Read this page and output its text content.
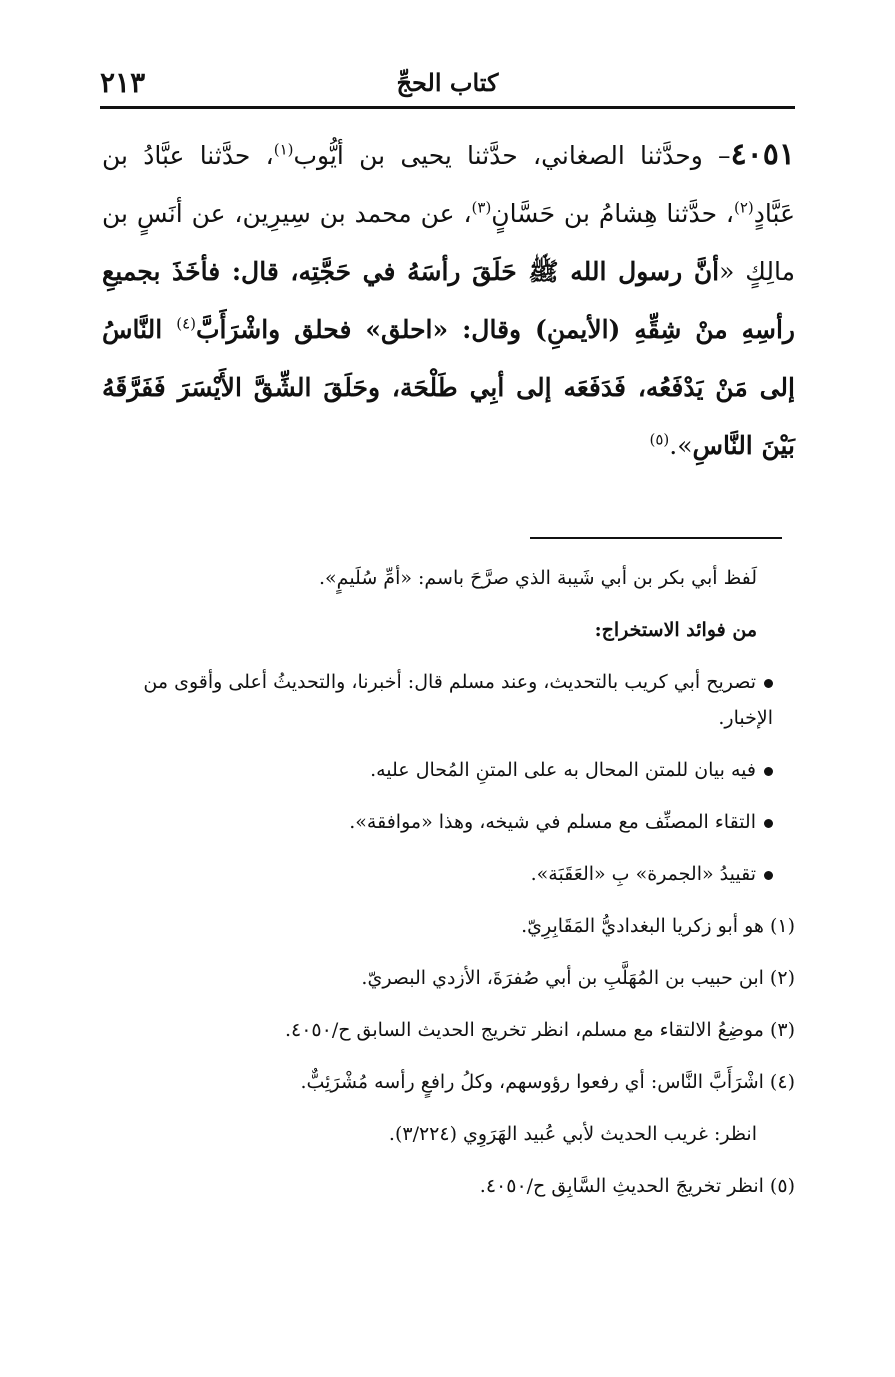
كتاب الحجِّ
٢١٣

٤٠٥١– وحدَّثنا الصغاني، حدَّثنا يحيى بن أيُّوب$^{(١)}$، حدَّثنا عبَّادُ بن عَبَّادٍ$^{(٢)}$، حدَّثنا هِشامُ بن حَسَّانٍ$^{(٣)}$، عن محمد بن سِيرِين، عن أنَسٍ بن مالِكٍ «أنَّ رسول الله ﷺ حَلَقَ رأسَهُ في حَجَّتِه، قال: فأخَذَ بجميعِ رأسِهِ منْ شِقِّهِ (الأيمنِ) وقال: «احلق» فحلق واشْرَأَبَّ$^{(٤)}$ النَّاسُ إلى مَنْ يَدْفَعُه، فَدَفَعَه إلى أبِي طَلْحَة، وحَلَقَ الشِّقَّ الأَيْسَرَ فَفَرَّقَهُ بَيْنَ النَّاسِ».$^{(٥)}$

لَفظ أبي بكر بن أبي شَيبة الذي صرَّحَ باسم: «أمِّ سُلَيمٍ».

من فوائد الاستخراج:

تصريح أبي كريب بالتحديث، وعند مسلم قال: أخبرنا، والتحديثُ أعلى وأقوى من الإخبار.

فيه بيان للمتن المحال به على المتنِ المُحال عليه.

التقاء المصنِّف مع مسلم في شيخه، وهذا «موافقة».

تقييدُ «الجمرة» بِ «العَقَبَة».

(١) هو أبو زكريا البغداديُّ المَقَابِرِيّ.

(٢) ابن حبيب بن المُهَلَّبِ بن أبي صُفرَةَ، الأزدي البصريّ.

(٣) موضِعُ الالتقاء مع مسلم، انظر تخريج الحديث السابق ح/٤٠٥٠.

(٤) اشْرَأَبَّ النَّاس: أي رفعوا رؤوسهم، وكلُ رافعٍ رأسه مُشْرَئِبٌّ.

انظر: غريب الحديث لأبي عُبيد الهَرَوِي (٣/٢٢٤).

(٥) انظر تخريجَ الحديثِ السَّابِق ح/٤٠٥٠.
